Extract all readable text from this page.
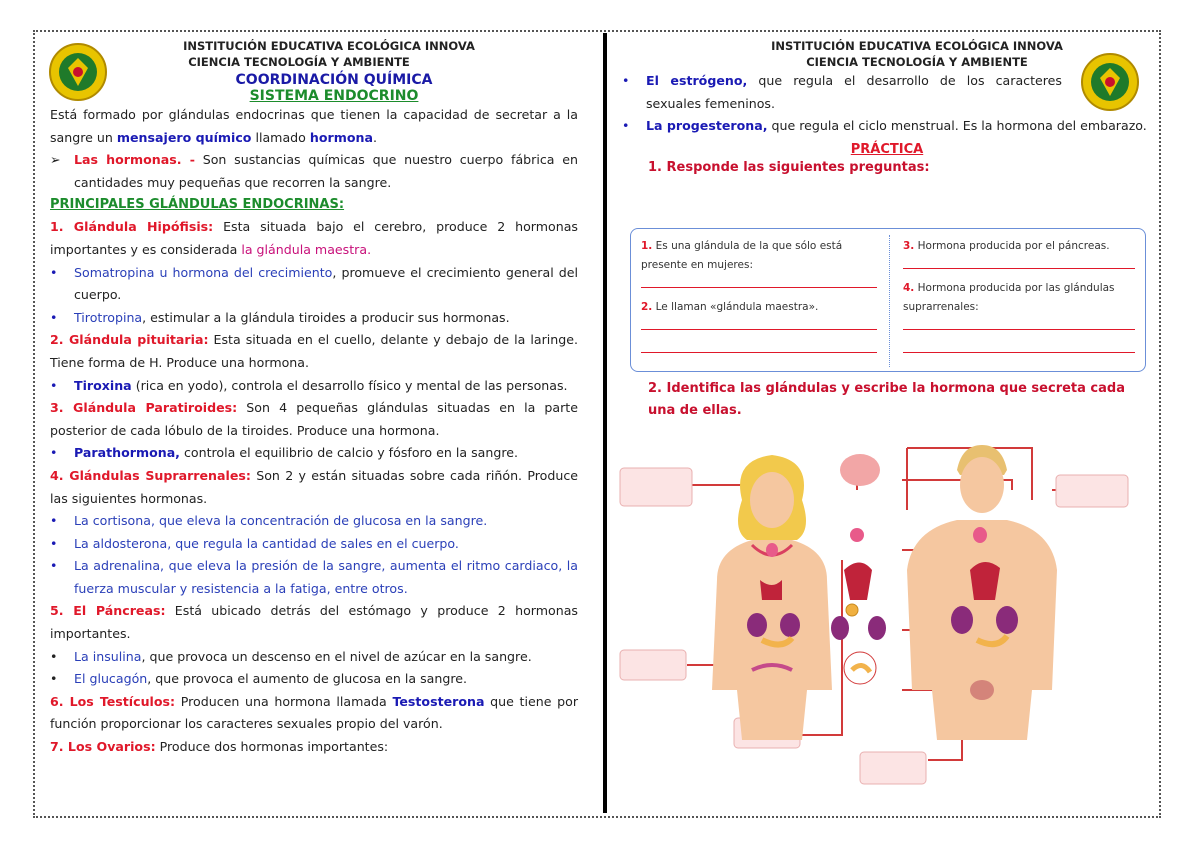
INSTITUCIÓN EDUCATIVA ECOLÓGICA INNOVA
CIENCIA TECNOLOGÍA Y AMBIENTE
COORDINACIÓN QUÍMICA
SISTEMA ENDOCRINO
Está formado por glándulas endocrinas que tienen la capacidad de secretar a la sangre un mensajero químico llamado hormona.
➢	Las hormonas. - Son sustancias químicas que nuestro cuerpo fábrica en cantidades muy pequeñas que recorren la sangre.
PRINCIPALES GLÁNDULAS ENDOCRINAS:
1. Glándula Hipófisis: Esta situada bajo el cerebro, produce 2 hormonas importantes y es considerada la glándula maestra.
•	Somatropina u hormona del crecimiento, promueve el crecimiento general del cuerpo.
•	Tirotropina, estimular a la glándula tiroides a producir sus hormonas.
2. Glándula pituitaria: Esta situada en el cuello, delante y debajo de la laringe. Tiene forma de H. Produce una hormona.
•	Tiroxina (rica en yodo), controla el desarrollo físico y mental de las personas.
3. Glándula Paratiroides: Son 4 pequeñas glándulas situadas en la parte posterior de cada lóbulo de la tiroides. Produce una hormona.
•	Parathormona, controla el equilibrio de calcio y fósforo en la sangre.
4. Glándulas Suprarrenales: Son 2 y están situadas sobre cada riñón. Produce las siguientes hormonas.
•	La cortisona, que eleva la concentración de glucosa en la sangre.
•	La aldosterona, que regula la cantidad de sales en el cuerpo.
•	La adrenalina, que eleva la presión de la sangre, aumenta el ritmo cardiaco, la fuerza muscular y resistencia a la fatiga, entre otros.
5. El Páncreas: Está ubicado detrás del estómago y produce 2 hormonas importantes.
•	La insulina, que provoca un descenso en el nivel de azúcar en la sangre.
•	El glucagón, que provoca el aumento de glucosa en la sangre.
6. Los Testículos: Producen una hormona llamada Testosterona que tiene por función proporcionar los caracteres sexuales propio del varón.
7. Los Ovarios: Produce dos hormonas importantes:
INSTITUCIÓN EDUCATIVA ECOLÓGICA INNOVA
CIENCIA TECNOLOGÍA Y AMBIENTE
•	El estrógeno, que regula el desarrollo de los caracteres sexuales femeninos.
•	La progesterona, que regula el ciclo menstrual. Es la hormona del embarazo.
PRÁCTICA
1. Responde las siguientes preguntas:
1. Es una glándula de la que sólo está presente en mujeres:
2. Le llaman «glándula maestra».
3. Hormona producida por el páncreas.
4. Hormona producida por las glándulas suprarrenales:
2. Identifica las glándulas y escribe la hormona que secreta cada una de ellas.
